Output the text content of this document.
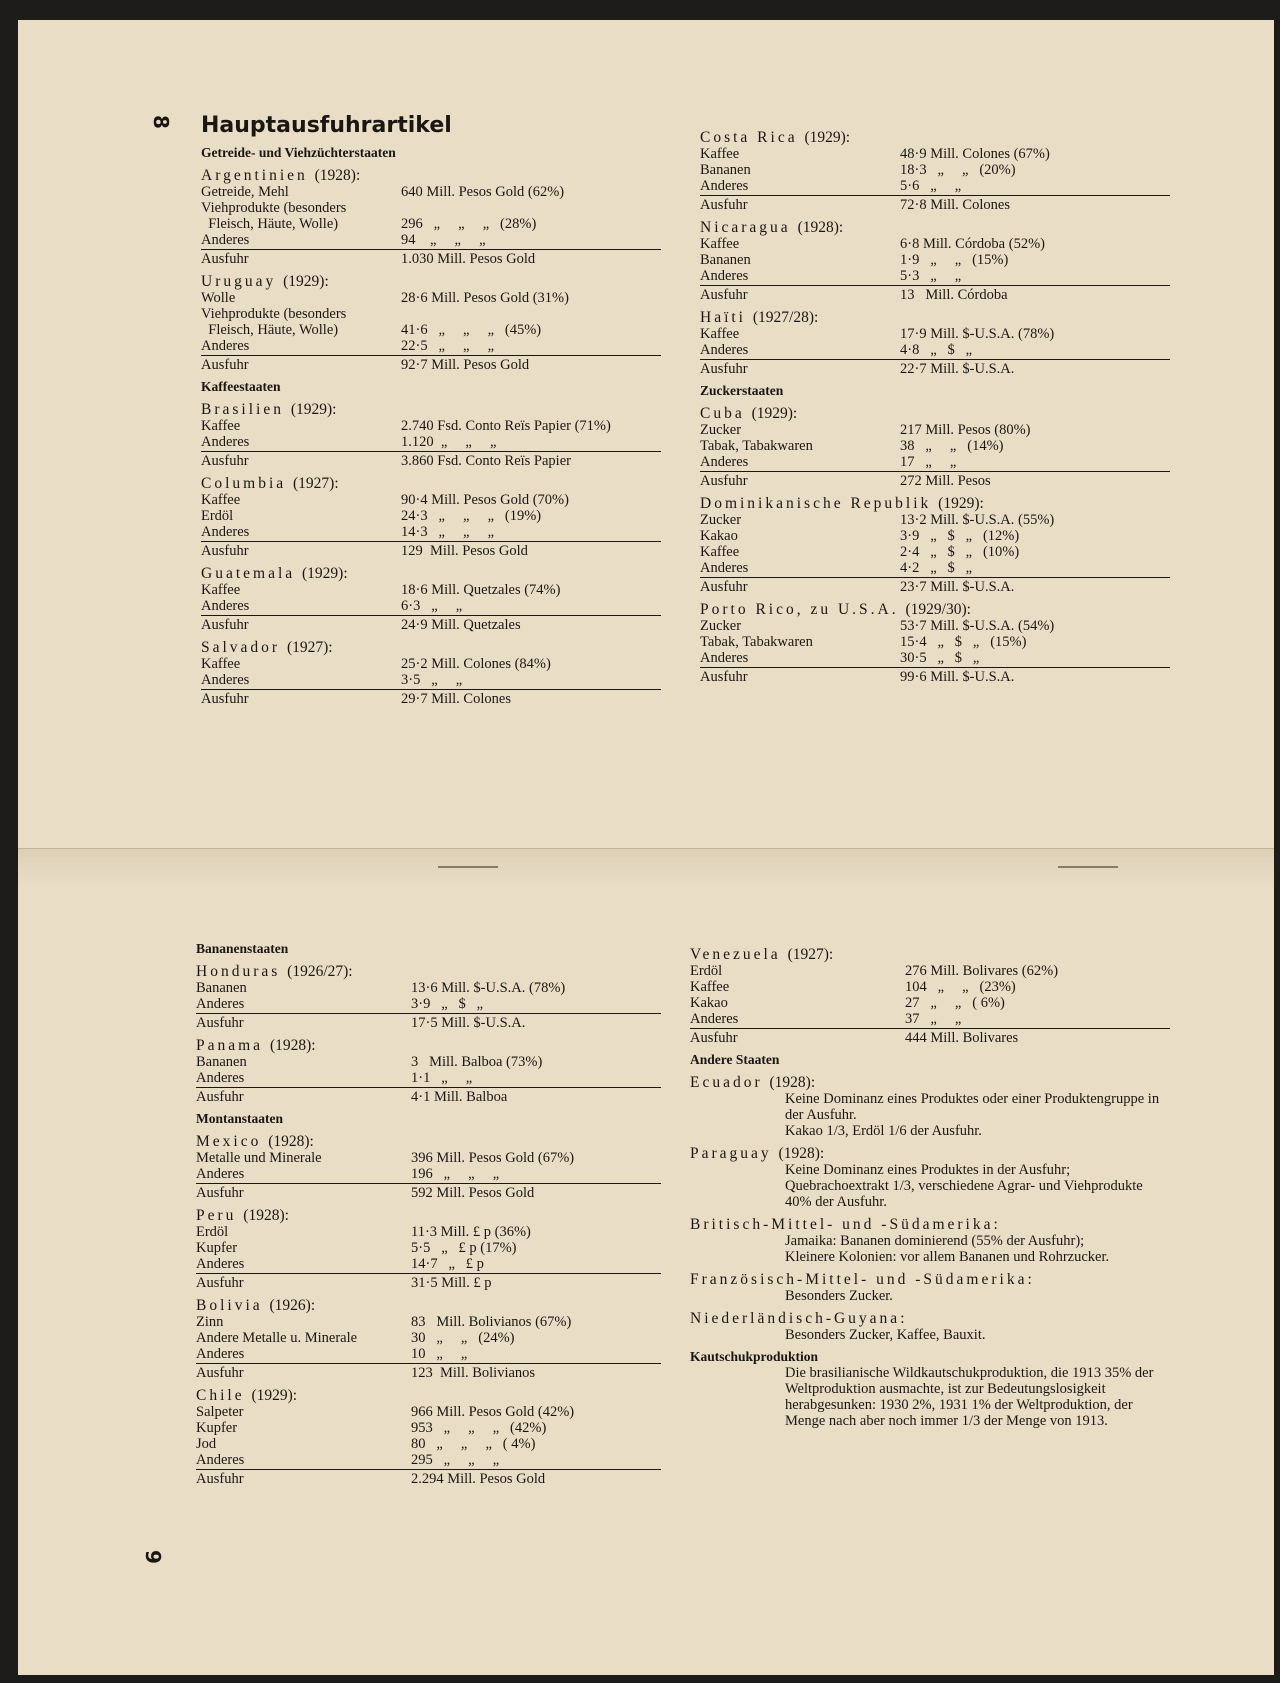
8
9
Hauptausfuhrartikel
Getreide- und Viehzüchterstaaten
Argentinien (1928):
Getreide, Mehl	640 Mill. Pesos Gold (62%)
Viehprodukte (besonders
Fleisch, Häute, Wolle)	296   „     „     „   (28%)
Anderes	94    „     „     „
Ausfuhr	1.030 Mill. Pesos Gold
Uruguay (1929):
Wolle	28·6 Mill. Pesos Gold (31%)
Viehprodukte (besonders
Fleisch, Häute, Wolle)	41·6   „     „     „   (45%)
Anderes	22·5   „     „     „
Ausfuhr	92·7 Mill. Pesos Gold
Kaffeestaaten
Brasilien (1929):
Kaffee	2.740 Fsd. Conto Reïs Papier (71%)
Anderes	1.120  „     „     „
Ausfuhr	3.860 Fsd. Conto Reïs Papier
Columbia (1927):
Kaffee	90·4 Mill. Pesos Gold (70%)
Erdöl	24·3   „     „     „   (19%)
Anderes	14·3   „     „     „
Ausfuhr	129  Mill. Pesos Gold
Guatemala (1929):
Kaffee	18·6 Mill. Quetzales (74%)
Anderes	6·3   „     „
Ausfuhr	24·9 Mill. Quetzales
Salvador (1927):
Kaffee	25·2 Mill. Colones (84%)
Anderes	3·5   „     „
Ausfuhr	29·7 Mill. Colones
Costa Rica (1929):
Kaffee	48·9 Mill. Colones (67%)
Bananen	18·3   „     „   (20%)
Anderes	5·6   „     „
Ausfuhr	72·8 Mill. Colones
Nicaragua (1928):
Kaffee	6·8 Mill. Córdoba (52%)
Bananen	1·9   „     „   (15%)
Anderes	5·3   „     „
Ausfuhr	13   Mill. Córdoba
Haïti (1927/28):
Kaffee	17·9 Mill. $-U.S.A. (78%)
Anderes	4·8   „   $   „
Ausfuhr	22·7 Mill. $-U.S.A.
Zuckerstaaten
Cuba (1929):
Zucker	217 Mill. Pesos (80%)
Tabak, Tabakwaren	38   „     „   (14%)
Anderes	17   „     „
Ausfuhr	272 Mill. Pesos
Dominikanische Republik (1929):
Zucker	13·2 Mill. $-U.S.A. (55%)
Kakao	3·9   „   $   „   (12%)
Kaffee	2·4   „   $   „   (10%)
Anderes	4·2   „   $   „
Ausfuhr	23·7 Mill. $-U.S.A.
Porto Rico, zu U.S.A. (1929/30):
Zucker	53·7 Mill. $-U.S.A. (54%)
Tabak, Tabakwaren	15·4   „   $   „   (15%)
Anderes	30·5   „   $   „
Ausfuhr	99·6 Mill. $-U.S.A.
Bananenstaaten
Honduras (1926/27):
Bananen	13·6 Mill. $-U.S.A. (78%)
Anderes	3·9   „   $   „
Ausfuhr	17·5 Mill. $-U.S.A.
Panama (1928):
Bananen	3   Mill. Balboa (73%)
Anderes	1·1   „     „
Ausfuhr	4·1 Mill. Balboa
Montanstaaten
Mexico (1928):
Metalle und Minerale	396 Mill. Pesos Gold (67%)
Anderes	196   „     „     „
Ausfuhr	592 Mill. Pesos Gold
Peru (1928):
Erdöl	11·3 Mill. £ p (36%)
Kupfer	5·5   „   £ p (17%)
Anderes	14·7   „   £ p
Ausfuhr	31·5 Mill. £ p
Bolivia (1926):
Zinn	83   Mill. Bolivianos (67%)
Andere Metalle u. Minerale	30   „     „   (24%)
Anderes	10   „     „
Ausfuhr	123  Mill. Bolivianos
Chile (1929):
Salpeter	966 Mill. Pesos Gold (42%)
Kupfer	953   „     „     „   (42%)
Jod	80   „     „     „   ( 4%)
Anderes	295   „     „     „
Ausfuhr	2.294 Mill. Pesos Gold
Venezuela (1927):
Erdöl	276 Mill. Bolivares (62%)
Kaffee	104   „     „   (23%)
Kakao	27   „     „   ( 6%)
Anderes	37   „     „
Ausfuhr	444 Mill. Bolivares
Andere Staaten
Ecuador (1928):
Keine Dominanz eines Produktes oder einer Produktengruppe in der Ausfuhr.
Kakao 1/3, Erdöl 1/6 der Ausfuhr.
Paraguay (1928):
Keine Dominanz eines Produktes in der Ausfuhr;
Quebrachoextrakt 1/3, verschiedene Agrar- und Viehprodukte 40% der Ausfuhr.
Britisch-Mittel- und -Südamerika:
Jamaika: Bananen dominierend (55% der Ausfuhr);
Kleinere Kolonien: vor allem Bananen und Rohrzucker.
Französisch-Mittel- und -Südamerika:
Besonders Zucker.
Niederländisch-Guyana:
Besonders Zucker, Kaffee, Bauxit.
Kautschukproduktion
Die brasilianische Wildkautschukproduktion, die 1913 35% der Weltproduktion ausmachte, ist zur Bedeutungslosigkeit herabgesunken: 1930 2%, 1931 1% der Weltproduktion, der Menge nach aber noch immer 1/3 der Menge von 1913.
